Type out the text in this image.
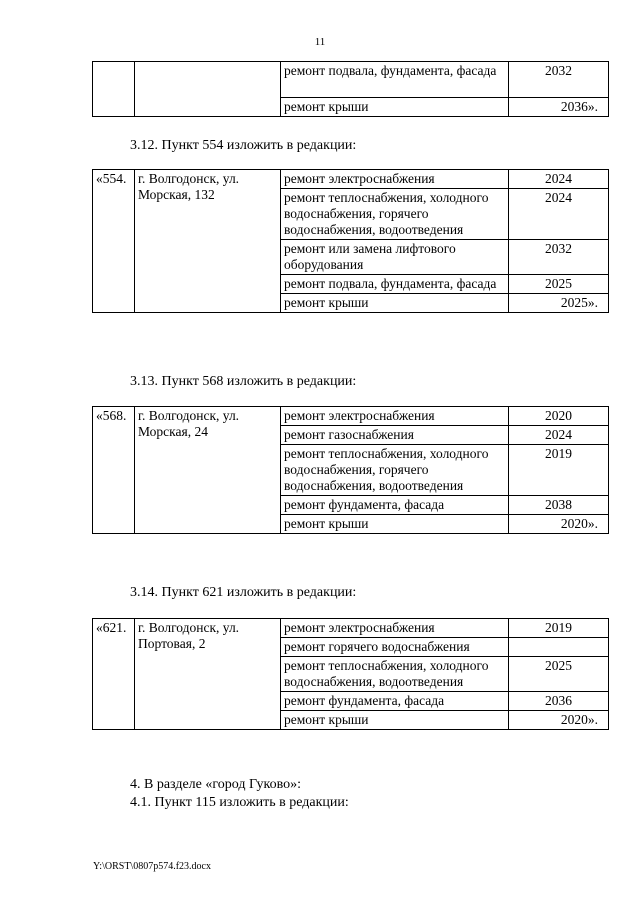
11
		ремонт подвала, фундамента, фасада	2032
		ремонт крыши	2036».
3.12. Пункт 554 изложить в редакции:
«554.	г. Волгодонск, ул. Морская, 132	ремонт электроснабжения	2024
		ремонт теплоснабжения, холодного водоснабжения, горячего водоснабжения, водоотведения	2024
		ремонт или замена лифтового оборудования	2032
		ремонт подвала, фундамента, фасада	2025
		ремонт крыши	2025».
3.13. Пункт 568 изложить в редакции:
«568.	г. Волгодонск, ул. Морская, 24	ремонт электроснабжения	2020
		ремонт газоснабжения	2024
		ремонт теплоснабжения, холодного водоснабжения, горячего водоснабжения, водоотведения	2019
		ремонт фундамента, фасада	2038
		ремонт крыши	2020».
3.14. Пункт 621 изложить в редакции:
«621.	г. Волгодонск, ул. Портовая, 2	ремонт электроснабжения	2019
		ремонт горячего водоснабжения	
		ремонт теплоснабжения, холодного водоснабжения, водоотведения	2025
		ремонт фундамента, фасада	2036
		ремонт крыши	2020».
4. В разделе «город Гуково»:
4.1. Пункт 115 изложить в редакции:
Y:\ORST\0807p574.f23.docx
